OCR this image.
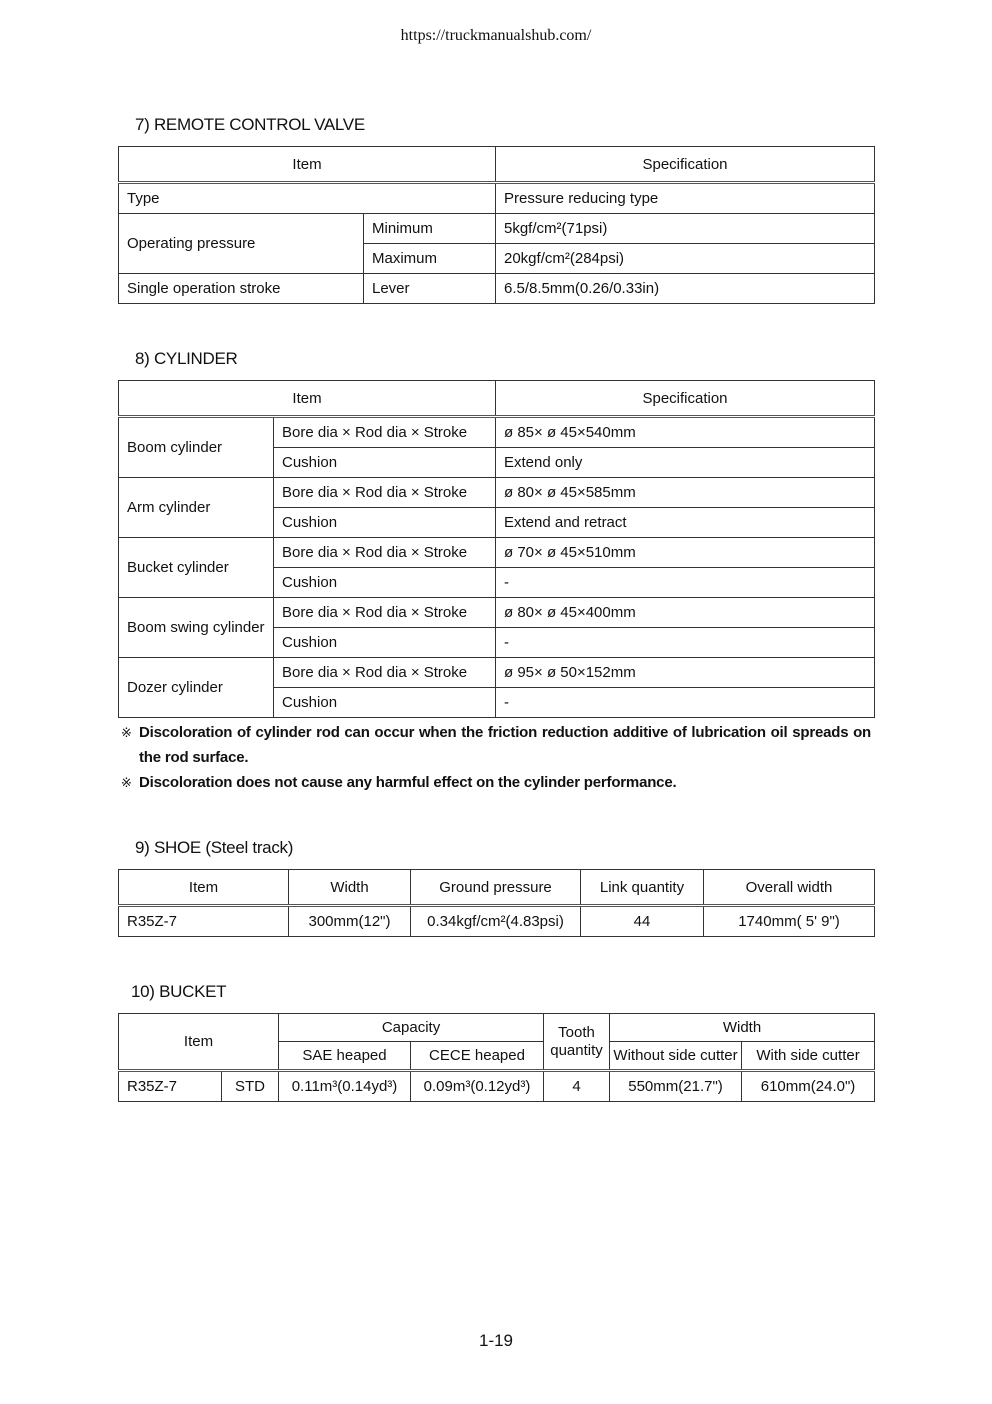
https://truckmanualshub.com/
7) REMOTE CONTROL VALVE
Item		Specification
Type		Pressure reducing type
Operating pressure	Minimum	5kgf/cm²(71psi)
	Maximum	20kgf/cm²(284psi)
Single operation stroke	Lever	6.5/8.5mm(0.26/0.33in)
8) CYLINDER
Item		Specification
Boom cylinder	Bore dia × Rod dia × Stroke	ø 85× ø 45×540mm
	Cushion	Extend only
Arm cylinder	Bore dia × Rod dia × Stroke	ø 80× ø 45×585mm
	Cushion	Extend and retract
Bucket cylinder	Bore dia × Rod dia × Stroke	ø 70× ø 45×510mm
	Cushion	-
Boom swing cylinder	Bore dia × Rod dia × Stroke	ø 80× ø 45×400mm
	Cushion	-
Dozer cylinder	Bore dia × Rod dia × Stroke	ø 95× ø 50×152mm
	Cushion	-
※ Discoloration of cylinder rod can occur when the friction reduction additive of lubrication oil spreads on the rod surface.
※ Discoloration does not cause any harmful effect on the cylinder performance.
9) SHOE (Steel track)
Item	Width	Ground pressure	Link quantity	Overall width
R35Z-7	300mm(12")	0.34kgf/cm²(4.83psi)	44	1740mm( 5' 9")
10) BUCKET
Item		Capacity		Tooth quantity	Width	
		SAE heaped	CECE heaped		Without side cutter	With side cutter
R35Z-7	STD	0.11m³(0.14yd³)	0.09m³(0.12yd³)	4	550mm(21.7")	610mm(24.0")
1-19
